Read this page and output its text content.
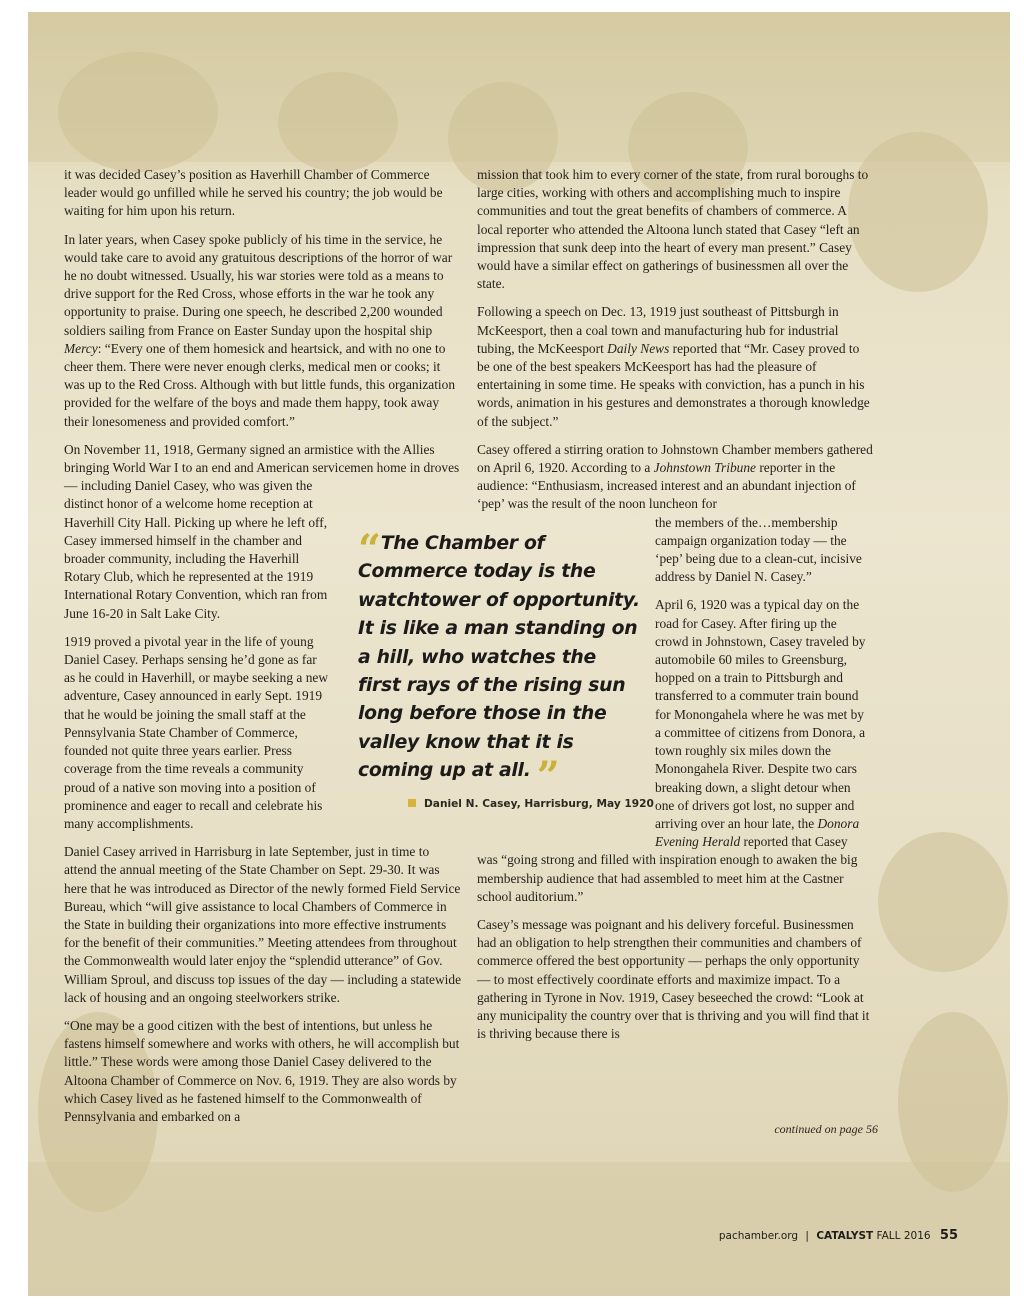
it was decided Casey’s position as Haverhill Chamber of Commerce leader would go unfilled while he served his country; the job would be waiting for him upon his return.

In later years, when Casey spoke publicly of his time in the service, he would take care to avoid any gratuitous descriptions of the horror of war he no doubt witnessed. Usually, his war stories were told as a means to drive support for the Red Cross, whose efforts in the war he took any opportunity to praise. During one speech, he described 2,200 wounded soldiers sailing from France on Easter Sunday upon the hospital ship Mercy: “Every one of them homesick and heartsick, and with no one to cheer them. There were never enough clerks, medical men or cooks; it was up to the Red Cross. Although with but little funds, this organization provided for the welfare of the boys and made them happy, took away their lonesomeness and provided comfort.”

On November 11, 1918, Germany signed an armistice with the Allies bringing World War I to an end and American servicemen home in droves — including Daniel Casey, who was given the

distinct honor of a welcome home reception at Haverhill City Hall. Picking up where he left off, Casey immersed himself in the chamber and broader community, including the Haverhill Rotary Club, which he represented at the 1919 International Rotary Convention, which ran from June 16-20 in Salt Lake City.

1919 proved a pivotal year in the life of young Daniel Casey. Perhaps sensing he’d gone as far as he could in Haverhill, or maybe seeking a new adventure, Casey announced in early Sept. 1919 that he would be joining the small staff at the Pennsylvania State Chamber of Commerce, founded not quite three years earlier. Press coverage from the time reveals a community proud of a native son moving into a position of prominence and eager to recall and celebrate his many accomplishments.

Daniel Casey arrived in Harrisburg in late September, just in time to attend the annual meeting of the State Chamber on Sept. 29-30. It was here that he was introduced as Director of the newly formed Field Service Bureau, which “will give assistance to local Chambers of Commerce in the State in building their organizations into more effective instruments for the benefit of their communities.” Meeting attendees from throughout the Commonwealth would later enjoy the “splendid utterance” of Gov. William Sproul, and discuss top issues of the day — including a statewide lack of housing and an ongoing steelworkers strike.

“One may be a good citizen with the best of intentions, but unless he fastens himself somewhere and works with others, he will accomplish but little.” These words were among those Daniel Casey delivered to the Altoona Chamber of Commerce on Nov. 6, 1919. They are also words by which Casey lived as he fastened himself to the Commonwealth of Pennsylvania and embarked on a

mission that took him to every corner of the state, from rural boroughs to large cities, working with others and accomplishing much to inspire communities and tout the great benefits of chambers of commerce. A local reporter who attended the Altoona lunch stated that Casey “left an impression that sunk deep into the heart of every man present.” Casey would have a similar effect on gatherings of businessmen all over the state.

Following a speech on Dec. 13, 1919 just southeast of Pittsburgh in McKeesport, then a coal town and manufacturing hub for industrial tubing, the McKeesport Daily News reported that “Mr. Casey proved to be one of the best speakers McKeesport has had the pleasure of entertaining in some time. He speaks with conviction, has a punch in his words, animation in his gestures and demonstrates a thorough knowledge of the subject.”

Casey offered a stirring oration to Johnstown Chamber members gathered on April 6, 1920. According to a Johnstown Tribune reporter in the audience: “Enthusiasm, increased interest and an abundant injection of ‘pep’ was the result of the noon luncheon for

the members of the…membership campaign organization today — the ‘pep’ being due to a clean-cut, incisive address by Daniel N. Casey.”

April 6, 1920 was a typical day on the road for Casey. After firing up the crowd in Johnstown, Casey traveled by automobile 60 miles to Greensburg, hopped on a train to Pittsburgh and transferred to a commuter train bound for Monongahela where he was met by a committee of citizens from Donora, a town roughly six miles down the Monongahela River. Despite two cars breaking down, a slight detour when one of drivers got lost, no supper and arriving over an hour late, the Donora Evening Herald reported that Casey

was “going strong and filled with inspiration enough to awaken the big membership audience that had assembled to meet him at the Castner school auditorium.”

Casey’s message was poignant and his delivery forceful. Businessmen had an obligation to help strengthen their communities and chambers of commerce offered the best opportunity — perhaps the only opportunity — to most effectively coordinate efforts and maximize impact. To a gathering in Tyrone in Nov. 1919, Casey beseeched the crowd: “Look at any municipality the country over that is thriving and you will find that it is thriving because there is

“The Chamber of Commerce today is the watchtower of opportunity. It is like a man standing on a hill, who watches the first rays of the rising sun long before those in the valley know that it is coming up at all. ”
Daniel N. Casey, Harrisburg, May 1920
continued on page 56
pachamber.org | CATALYST FALL 2016 55
